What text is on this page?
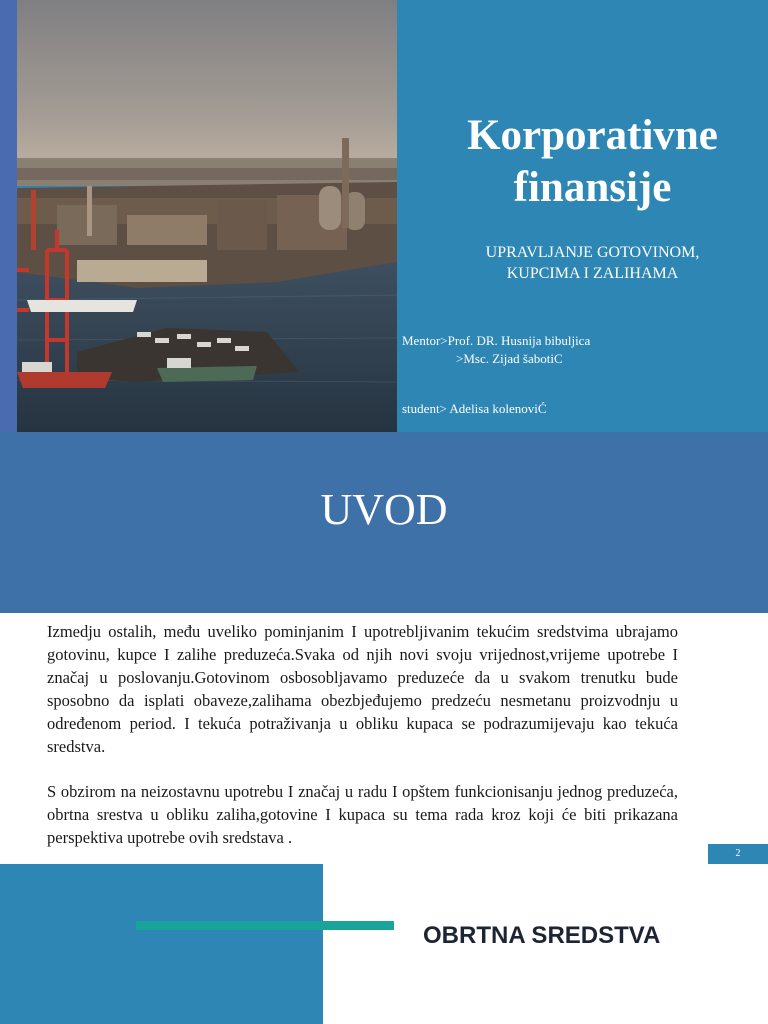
Korporativne
finansije
UPRAVLJANJE GOTOVINOM,
KUPCIMA I ZALIHAMA
Mentor>Prof. DR. Husnija bibuljica
>Msc. Zijad šabotiC
student> Adelisa kolenoviĆ
UVOD

Izmedju ostalih, među uveliko pominjanim I upotrebljivanim tekućim sredstvima ubrajamo gotovinu, kupce I zalihe preduzeća.Svaka od njih novi svoju vrijednost,vrijeme upotrebe I značaj u poslovanju.Gotovinom osbosobljavamo preduzeće da u svakom trenutku bude sposobno da isplati obaveze,zalihama obezbjeđujemo predzeću nesmetanu proizvodnju u određenom period. I tekuća potraživanja u obliku kupaca se podrazumijevaju kao tekuća sredstva.

S obzirom na neizostavnu upotrebu I značaj u radu I opštem funkcionisanju jednog preduzeća, obrtna srestva u obliku zaliha,gotovine I kupaca su tema rada kroz koji će biti prikazana perspektiva upotrebe ovih sredstava .

2
OBRTNA SREDSTVA
